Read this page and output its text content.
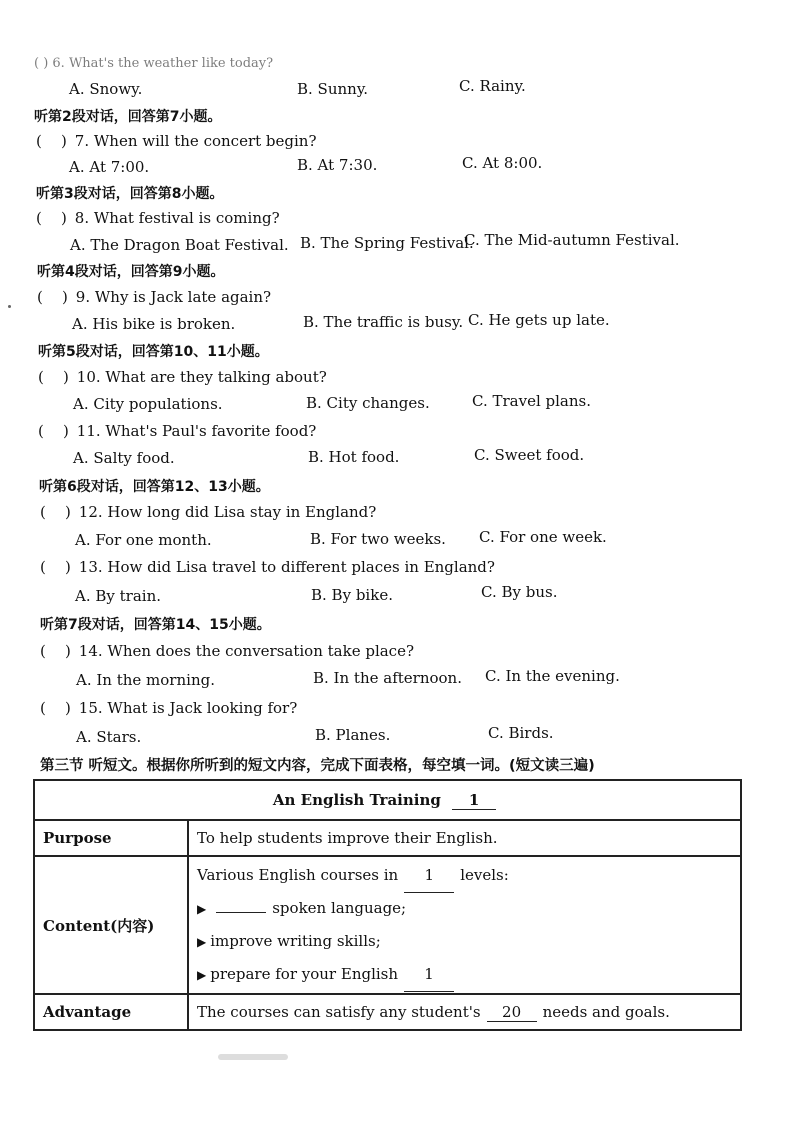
( ) 6. What's the weather like today?
A. Snowy.	B. Sunny.	C. Rainy.
听第2段对话，回答第7小题。
( ) 7. When will the concert begin?
A. At 7:00.	B. At 7:30.	C. At 8:00.
听第3段对话，回答第8小题。
( ) 8. What festival is coming?
A. The Dragon Boat Festival. B. The Spring Festival.
C. The Mid-autumn Festival.
听第4段对话，回答第9小题。
( ) 9. Why is Jack late again?
A. His bike is broken.	B. The traffic is busy. C. He gets up late.
听第5段对话，回答第10、11小题。
( ) 10. What are they talking about?
A. City populations.	B. City changes.	C. Travel plans.
( ) 11. What's Paul's favorite food?
A. Salty food.	B. Hot food.	C. Sweet food.
听第6段对话，回答第12、13小题。
( ) 12. How long did Lisa stay in England?
A. For one month.	B. For two weeks. C. For one week.
( ) 13. How did Lisa travel to different places in England?
A. By train.	B. By bike.	C. By bus.
听第7段对话，回答第14、15小题。
( ) 14. When does the conversation take place?
A. In the morning.	B. In the afternoon. C. In the evening.
( ) 15. What is Jack looking for?
A. Stars.	B. Planes.	C. Birds.
第三节 听短文。根据你所听到的短文内容，完成下面表格，每空填一词。(短文读三遍)
An English Training 1	
Purpose	To help students improve their English.
Content(内容)	Various English courses in 1 levels:
▶ spoken language;
▶ improve writing skills;
▶ prepare for your English 1

Advantage	The courses can satisfy any student's 20 needs and goals.
